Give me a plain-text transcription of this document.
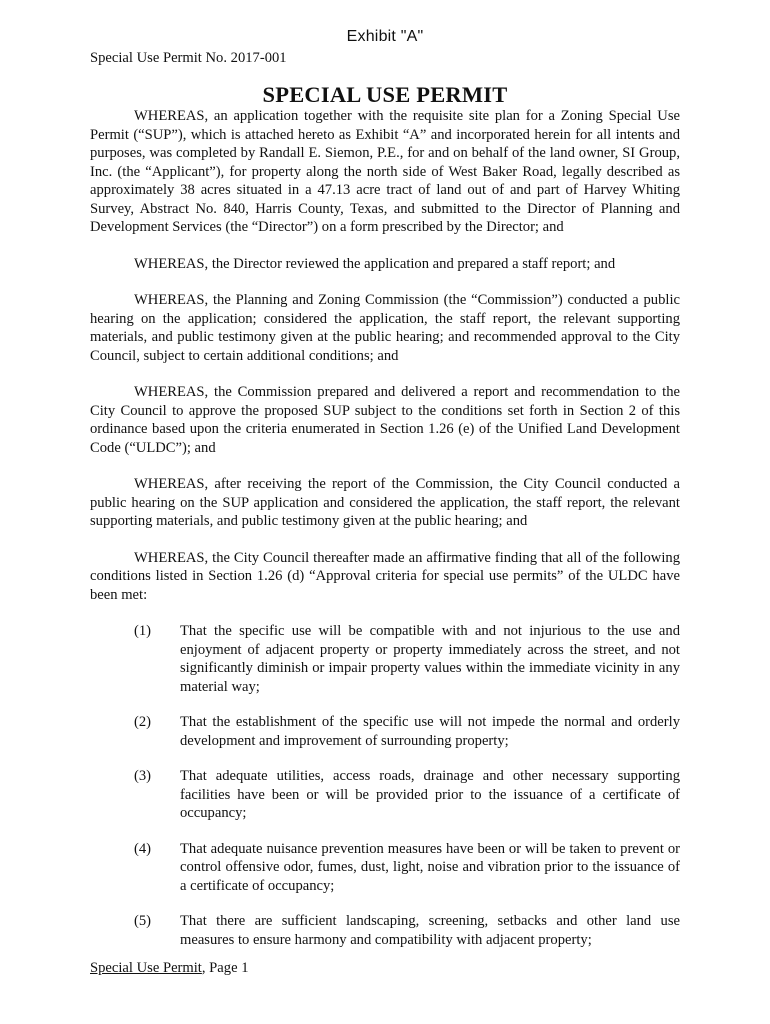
Exhibit "A"
Special Use Permit No. 2017-001
SPECIAL USE PERMIT

WHEREAS, an application together with the requisite site plan for a Zoning Special Use Permit (“SUP”), which is attached hereto as Exhibit “A” and incorporated herein for all intents and purposes, was completed by Randall E. Siemon, P.E., for and on behalf of the land owner, SI Group, Inc. (the “Applicant”), for property along the north side of West Baker Road, legally described as approximately 38 acres situated in a 47.13 acre tract of land out of and part of Harvey Whiting Survey, Abstract No. 840, Harris County, Texas, and submitted to the Director of Planning and Development Services (the “Director”) on a form prescribed by the Director; and

WHEREAS, the Director reviewed the application and prepared a staff report; and

WHEREAS, the Planning and Zoning Commission (the “Commission”) conducted a public hearing on the application; considered the application, the staff report, the relevant supporting materials, and public testimony given at the public hearing; and recommended approval to the City Council, subject to certain additional conditions; and

WHEREAS, the Commission prepared and delivered a report and recommendation to the City Council to approve the proposed SUP subject to the conditions set forth in Section 2 of this ordinance based upon the criteria enumerated in Section 1.26 (e) of the Unified Land Development Code (“ULDC”); and

WHEREAS, after receiving the report of the Commission, the City Council conducted a public hearing on the SUP application and considered the application, the staff report, the relevant supporting materials, and public testimony given at the public hearing; and

WHEREAS, the City Council thereafter made an affirmative finding that all of the following conditions listed in Section 1.26 (d) “Approval criteria for special use permits” of the ULDC have been met:

(1) That the specific use will be compatible with and not injurious to the use and enjoyment of adjacent property or property immediately across the street, and not significantly diminish or impair property values within the immediate vicinity in any material way;
(2) That the establishment of the specific use will not impede the normal and orderly development and improvement of surrounding property;
(3) That adequate utilities, access roads, drainage and other necessary supporting facilities have been or will be provided prior to the issuance of a certificate of occupancy;
(4) That adequate nuisance prevention measures have been or will be taken to prevent or control offensive odor, fumes, dust, light, noise and vibration prior to the issuance of a certificate of occupancy;
(5) That there are sufficient landscaping, screening, setbacks and other land use measures to ensure harmony and compatibility with adjacent property;
Special Use Permit, Page 1
